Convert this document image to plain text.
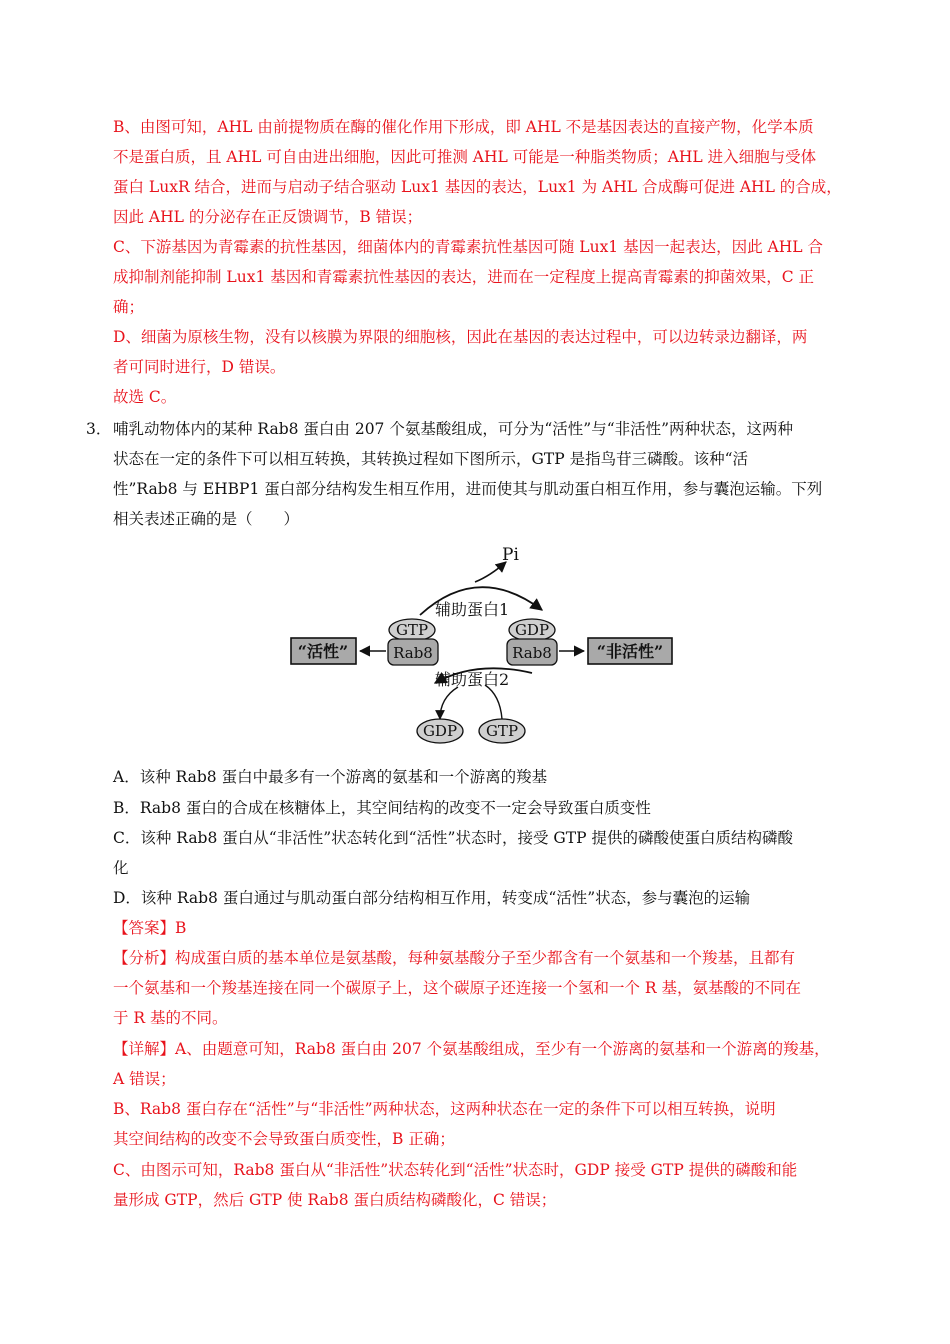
B、由图可知，AHL 由前提物质在酶的催化作用下形成，即 AHL 不是基因表达的直接产物，化学本质
不是蛋白质，且 AHL 可自由进出细胞，因此可推测 AHL 可能是一种脂类物质；AHL 进入细胞与受体
蛋白 LuxR 结合，进而与启动子结合驱动 Lux1 基因的表达，Lux1 为 AHL 合成酶可促进 AHL 的合成，
因此 AHL 的分泌存在正反馈调节，B 错误；
C、下游基因为青霉素的抗性基因，细菌体内的青霉素抗性基因可随 Lux1 基因一起表达，因此 AHL 合
成抑制剂能抑制 Lux1 基因和青霉素抗性基因的表达，进而在一定程度上提高青霉素的抑菌效果，C 正
确；
D、细菌为原核生物，没有以核膜为界限的细胞核，因此在基因的表达过程中，可以边转录边翻译，两
者可同时进行，D 错误。
故选 C。
3． 哺乳动物体内的某种 Rab8 蛋白由 207 个氨基酸组成，可分为“活性”与“非活性”两种状态，这两种
状态在一定的条件下可以相互转换，其转换过程如下图所示，GTP 是指鸟苷三磷酸。该种“活
性”Rab8 与 EHBP1 蛋白部分结构发生相互作用，进而使其与肌动蛋白相互作用，参与囊泡运输。下列
相关表述正确的是（　　）
Pi
辅助蛋白1
GTP
Rab8
GDP
Rab8
“活性”	“非活性”
辅助蛋白2
GDP GTP
A．该种 Rab8 蛋白中最多有一个游离的氨基和一个游离的羧基
B．Rab8 蛋白的合成在核糖体上，其空间结构的改变不一定会导致蛋白质变性
C．该种 Rab8 蛋白从“非活性”状态转化到“活性”状态时，接受 GTP 提供的磷酸使蛋白质结构磷酸
化
D．该种 Rab8 蛋白通过与肌动蛋白部分结构相互作用，转变成“活性”状态，参与囊泡的运输
【答案】B
【分析】构成蛋白质的基本单位是氨基酸，每种氨基酸分子至少都含有一个氨基和一个羧基，且都有
一个氨基和一个羧基连接在同一个碳原子上，这个碳原子还连接一个氢和一个 R 基，氨基酸的不同在
于 R 基的不同。
【详解】A、由题意可知，Rab8 蛋白由 207 个氨基酸组成，至少有一个游离的氨基和一个游离的羧基，
A 错误；
B、Rab8 蛋白存在“活性”与“非活性”两种状态，这两种状态在一定的条件下可以相互转换，说明
其空间结构的改变不会导致蛋白质变性，B 正确；
C、由图示可知，Rab8 蛋白从“非活性”状态转化到“活性”状态时，GDP 接受 GTP 提供的磷酸和能
量形成 GTP，然后 GTP 使 Rab8 蛋白质结构磷酸化，C 错误；
